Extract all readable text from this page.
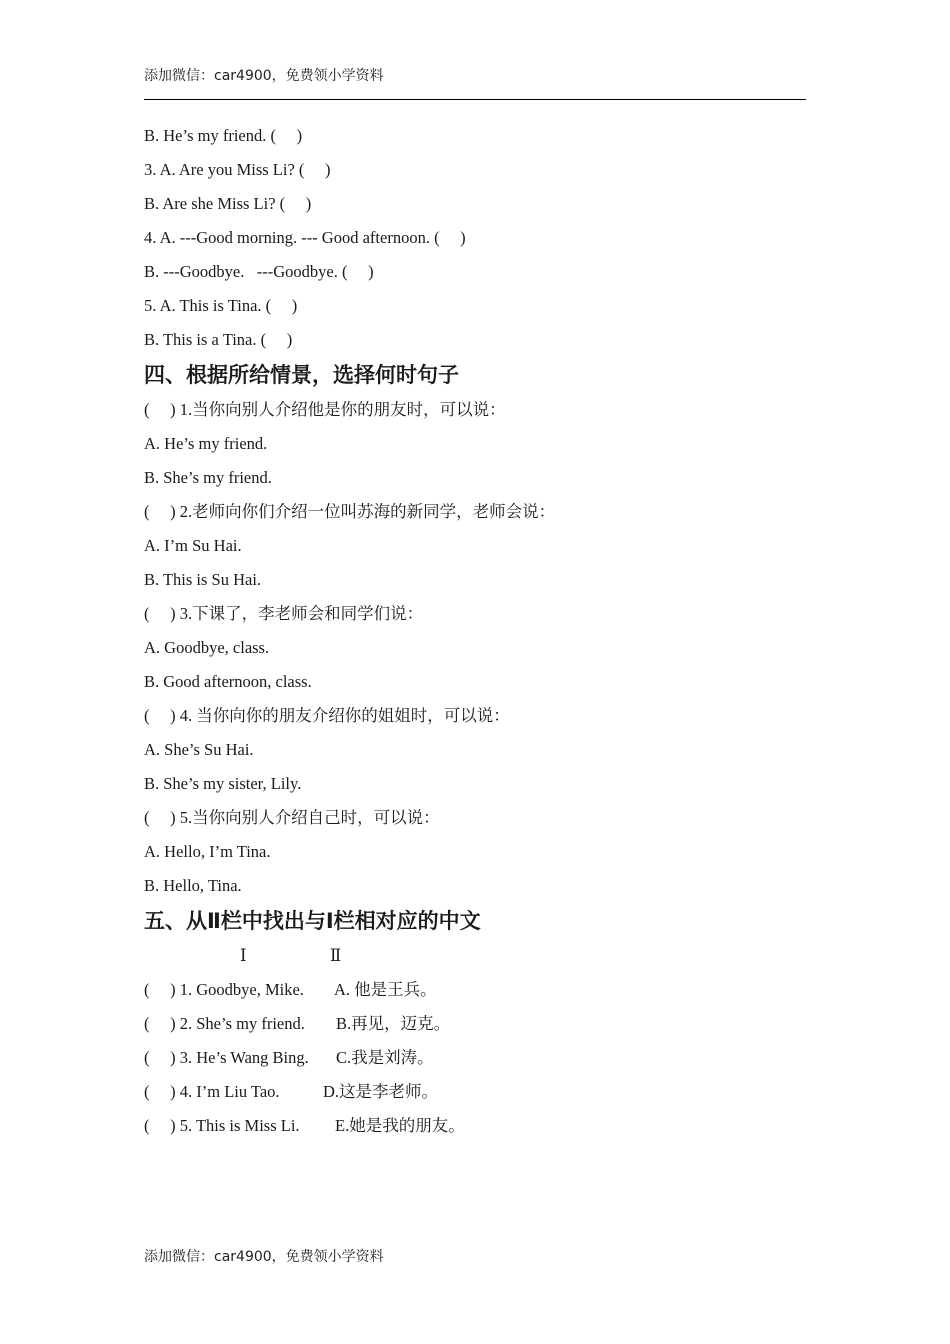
添加微信：car4900，免费领小学资料
B. He’s my friend. (     )
3. A. Are you Miss Li? (     )
B. Are she Miss Li? (     )
4. A. ---Good morning. --- Good afternoon. (     )
B. ---Goodbye.   ---Goodbye. (     )
5. A. This is Tina. (     )
B. This is a Tina. (     )
四、根据所给情景，选择何时句子
(     ) 1.当你向别人介绍他是你的朋友时，可以说：
A. He’s my friend.
B. She’s my friend.
(     ) 2.老师向你们介绍一位叫苏海的新同学，老师会说：
A. I’m Su Hai.
B. This is Su Hai.
(     ) 3.下课了，李老师会和同学们说：
A. Goodbye, class.
B. Good afternoon, class.
(     ) 4. 当你向你的朋友介绍你的姐姐时，可以说：
A. She’s Su Hai.
B. She’s my sister, Lily.
(     ) 5.当你向别人介绍自己时，可以说：
A. Hello, I’m Tina.
B. Hello, Tina.
五、从Ⅱ栏中找出与Ⅰ栏相对应的中文
Ⅰ	Ⅱ

(     ) 1. Goodbye, Mike.

A. 他是王兵。

(     ) 2. She’s my friend.

B.再见，迈克。

(     ) 3. He’s Wang Bing.

C.我是刘涛。

(     ) 4. I’m Liu Tao.

	D.这是李老师。

(     ) 5. This is Miss Li.

E.她是我的朋友。

添加微信：car4900，免费领小学资料
